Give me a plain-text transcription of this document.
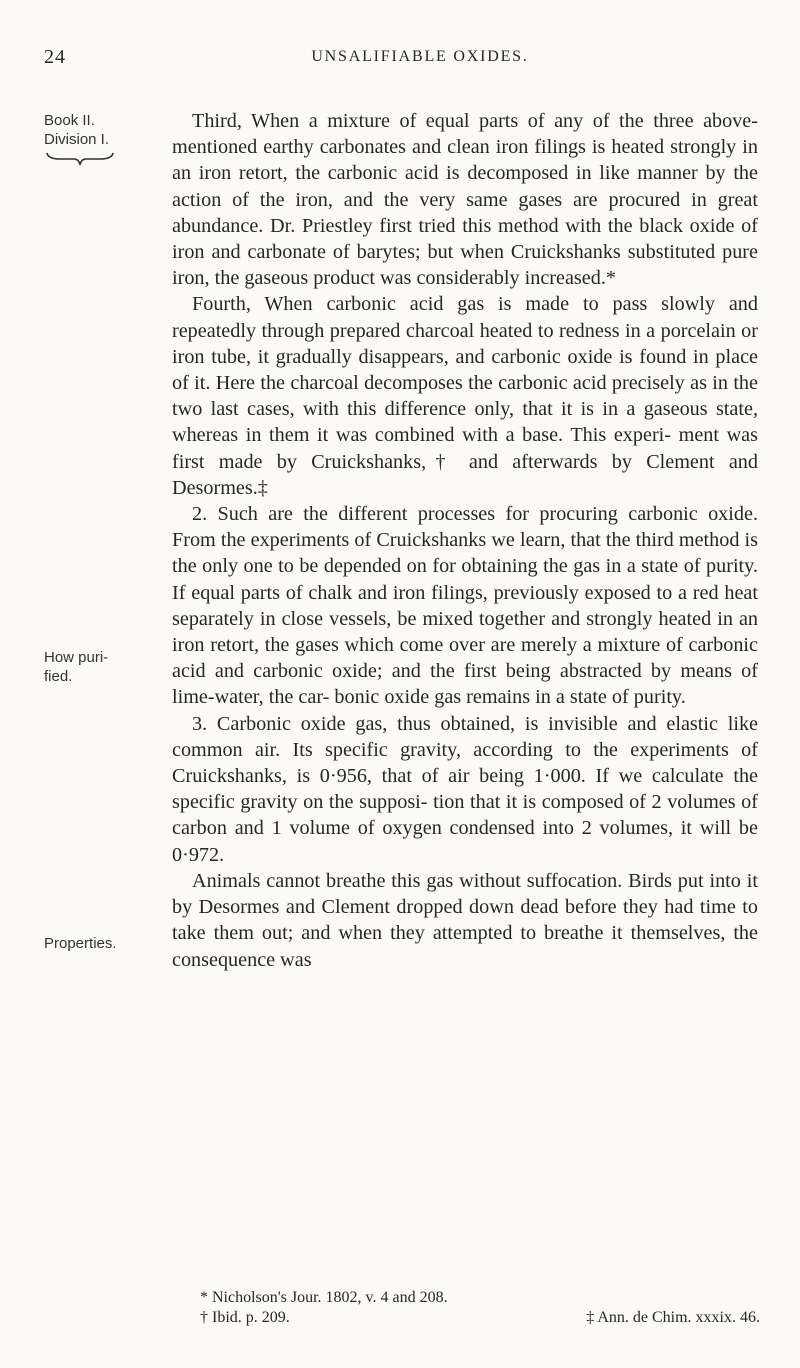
24	UNSALIFIABLE OXIDES.
Book II.
Division I.
How puri-
fied.
Properties.

Third, When a mixture of equal parts of any of the three above-mentioned earthy carbonates and clean iron filings is heated strongly in an iron retort, the carbonic acid is decomposed in like manner by the action of the iron, and the very same gases are procured in great abundance. Dr. Priestley first tried this method with the black oxide of iron and carbonate of barytes; but when Cruickshanks substituted pure iron, the gaseous product was considerably increased.*

Fourth, When carbonic acid gas is made to pass slowly and repeatedly through prepared charcoal heated to redness in a porcelain or iron tube, it gradually disappears, and carbonic oxide is found in place of it. Here the charcoal decomposes the carbonic acid precisely as in the two last cases, with this difference only, that it is in a gaseous state, whereas in them it was combined with a base. This experi- ment was first made by Cruickshanks,† and afterwards by Clement and Desormes.‡

2. Such are the different processes for procuring carbonic oxide. From the experiments of Cruickshanks we learn, that the third method is the only one to be depended on for obtaining the gas in a state of purity. If equal parts of chalk and iron filings, previously exposed to a red heat separately in close vessels, be mixed together and strongly heated in an iron retort, the gases which come over are merely a mixture of carbonic acid and carbonic oxide; and the first being abstracted by means of lime-water, the car- bonic oxide gas remains in a state of purity.

3. Carbonic oxide gas, thus obtained, is invisible and elastic like common air. Its specific gravity, according to the experiments of Cruickshanks, is 0·956, that of air being 1·000. If we calculate the specific gravity on the supposi- tion that it is composed of 2 volumes of carbon and 1 volume of oxygen condensed into 2 volumes, it will be 0·972.

Animals cannot breathe this gas without suffocation. Birds put into it by Desormes and Clement dropped down dead before they had time to take them out; and when they attempted to breathe it themselves, the consequence was

* Nicholson's Jour. 1802, v. 4 and 208.

† Ibid. p. 209.	‡ Ann. de Chim. xxxix. 46.
